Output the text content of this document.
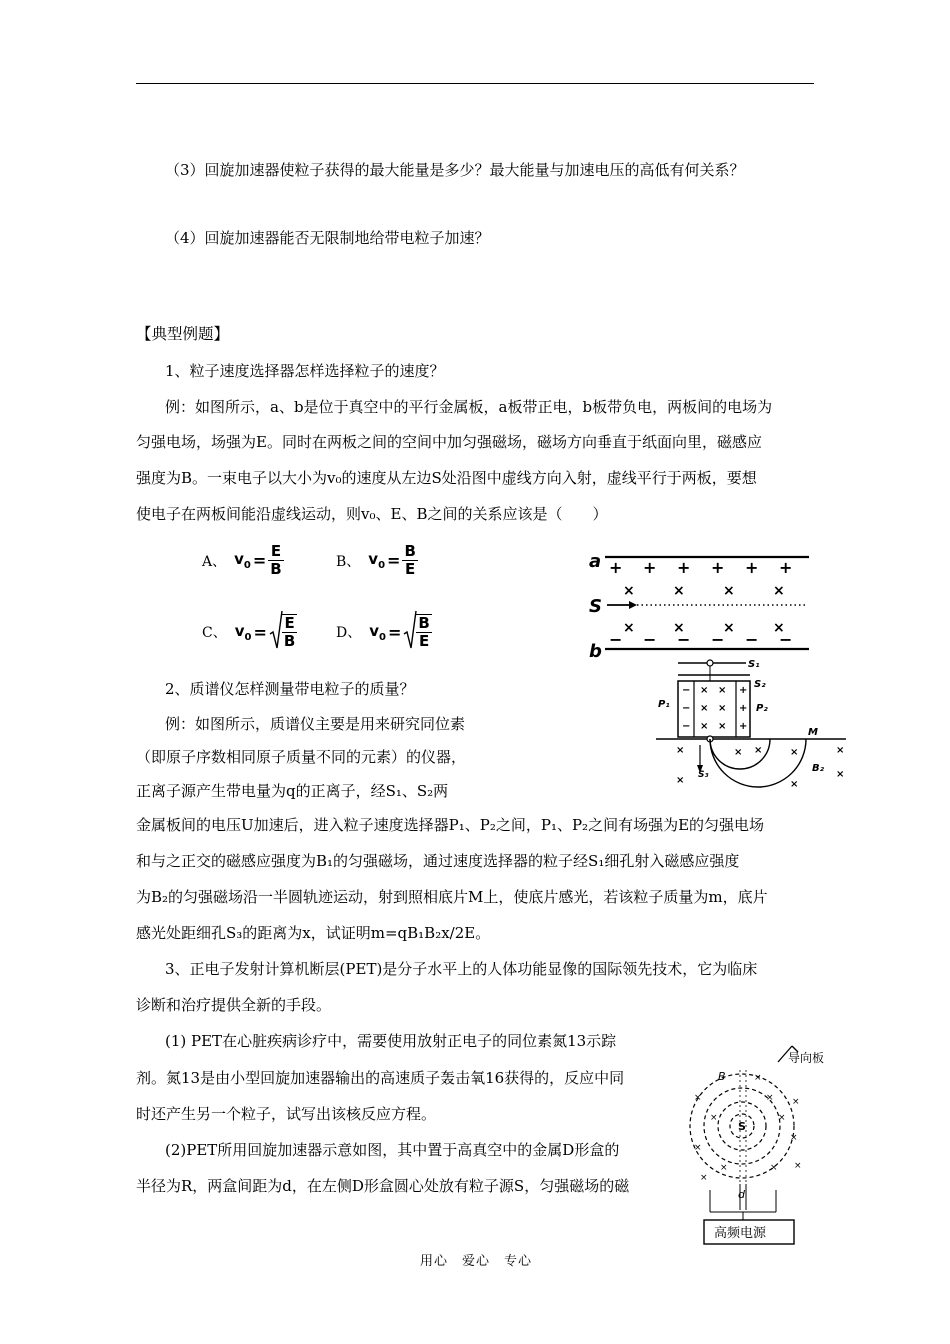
（3）回旋加速器使粒子获得的最大能量是多少？最大能量与加速电压的高低有何关系？
（4）回旋加速器能否无限制地给带电粒子加速？
【典型例题】
1、粒子速度选择器怎样选择粒子的速度？
例：如图所示，a、b是位于真空中的平行金属板，a板带正电，b板带负电，两板间的电场为
匀强电场，场强为E。同时在两板之间的空间中加匀强磁场，磁场方向垂直于纸面向里，磁感应
强度为B。一束电子以大小为v₀的速度从左边S处沿图中虚线方向入射，虚线平行于两板，要想
使电子在两板间能沿虚线运动，则v₀、E、B之间的关系应该是（　　）
A、 $v_0 = \frac{E}{B}$	B、 $v_0 = \frac{B}{E}$
C、 $v_0 = \frac{E}{B}$	D、 $v_0 = \frac{B}{E}$
a + + + + + +
×	×	×	×
S
×	×	×	×
− − − − − −
b
2、质谱仪怎样测量带电粒子的质量？
例：如图所示，质谱仪主要是用来研究同位素
（即原子序数相同原子质量不同的元素）的仪器，
正离子源产生带电量为q的正离子，经S₁、S₂两
金属板间的电压U加速后，进入粒子速度选择器P₁、P₂之间，P₁、P₂之间有场强为E的匀强电场
和与之正交的磁感应强度为B₁的匀强磁场，通过速度选择器的粒子经S₁细孔射入磁感应强度
为B₂的匀强磁场沿一半圆轨迹运动，射到照相底片M上，使底片感光，若该粒子质量为m，底片
感光处距细孔S₃的距离为x，试证明m=qB₁B₂x/2E。
S₁
S₂
P₁	P₂
−
−
−
×
×
×
×
×
×
+
+
+
M
S₃
B₂
×	× ×	×	×
×
×
×
3、正电子发射计算机断层(PET)是分子水平上的人体功能显像的国际领先技术，它为临床
诊断和治疗提供全新的手段。
(1) PET在心脏疾病诊疗中，需要使用放射正电子的同位素氮13示踪
剂。氮13是由小型回旋加速器输出的高速质子轰击氧16获得的，反应中同
时还产生另一个粒子，试写出该核反应方程。
(2)PET所用回旋加速器示意如图，其中置于高真空中的金属D形盒的
半径为R，两盒间距为d，在左侧D形盒圆心处放有粒子源S，匀强磁场的磁
导向板
B
S
×
×
×
×
×
×
×
×	× ×
×
×
d
高频电源
用心　爱心　专心
